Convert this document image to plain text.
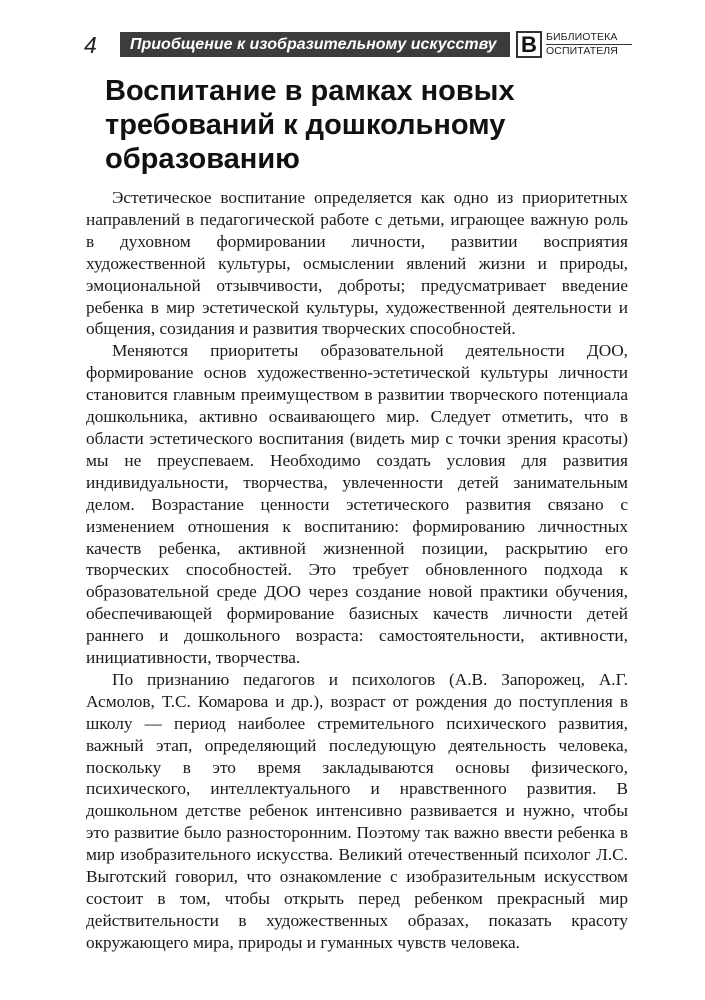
4	Приобщение к изобразительному искусству	В БИБЛИОТЕКА
ОСПИТАТЕЛЯ
Воспитание в рамках новых
требований к дошкольному
образованию

Эстетическое воспитание определяется как одно из приоритетных направлений в педагогической работе с детьми, играющее важную роль в духовном формировании личности, развитии восприятия художественной культуры, осмыслении явлений жизни и природы, эмоциональной отзывчивости, доброты; предусматривает введение ребенка в мир эстетической культуры, художественной деятельности и общения, созидания и развития творческих способностей.

Меняются приоритеты образовательной деятельности ДОО, формирование основ художественно-эстетической культуры личности становится главным преимуществом в развитии творческого потенциала дошкольника, активно осваивающего мир. Следует отметить, что в области эстетического воспитания (видеть мир с точки зрения красоты) мы не преуспеваем. Необходимо создать условия для развития индивидуальности, творчества, увлеченности детей занимательным делом. Возрастание ценности эстетического развития связано с изменением отношения к воспитанию: формированию личностных качеств ребенка, активной жизненной позиции, раскрытию его творческих способностей. Это требует обновленного подхода к образовательной среде ДОО через создание новой практики обучения, обеспечивающей формирование базисных качеств личности детей раннего и дошкольного возраста: самостоятельности, активности, инициативности, творчества.

По признанию педагогов и психологов (А.В. Запорожец, А.Г. Асмолов, Т.С. Комарова и др.), возраст от рождения до поступления в школу — период наиболее стремительного психического развития, важный этап, определяющий последующую деятельность человека, поскольку в это время закладываются основы физического, психического, интеллектуального и нравственного развития. В дошкольном детстве ребенок интенсивно развивается и нужно, чтобы это развитие было разносторонним. Поэтому так важно ввести ребенка в мир изобразительного искусства. Великий отечественный психолог Л.С. Выготский говорил, что ознакомление с изобразительным искусством состоит в том, чтобы открыть перед ребенком прекрасный мир действительности в художественных образах, показать красоту окружающего мира, природы и гуманных чувств человека.
